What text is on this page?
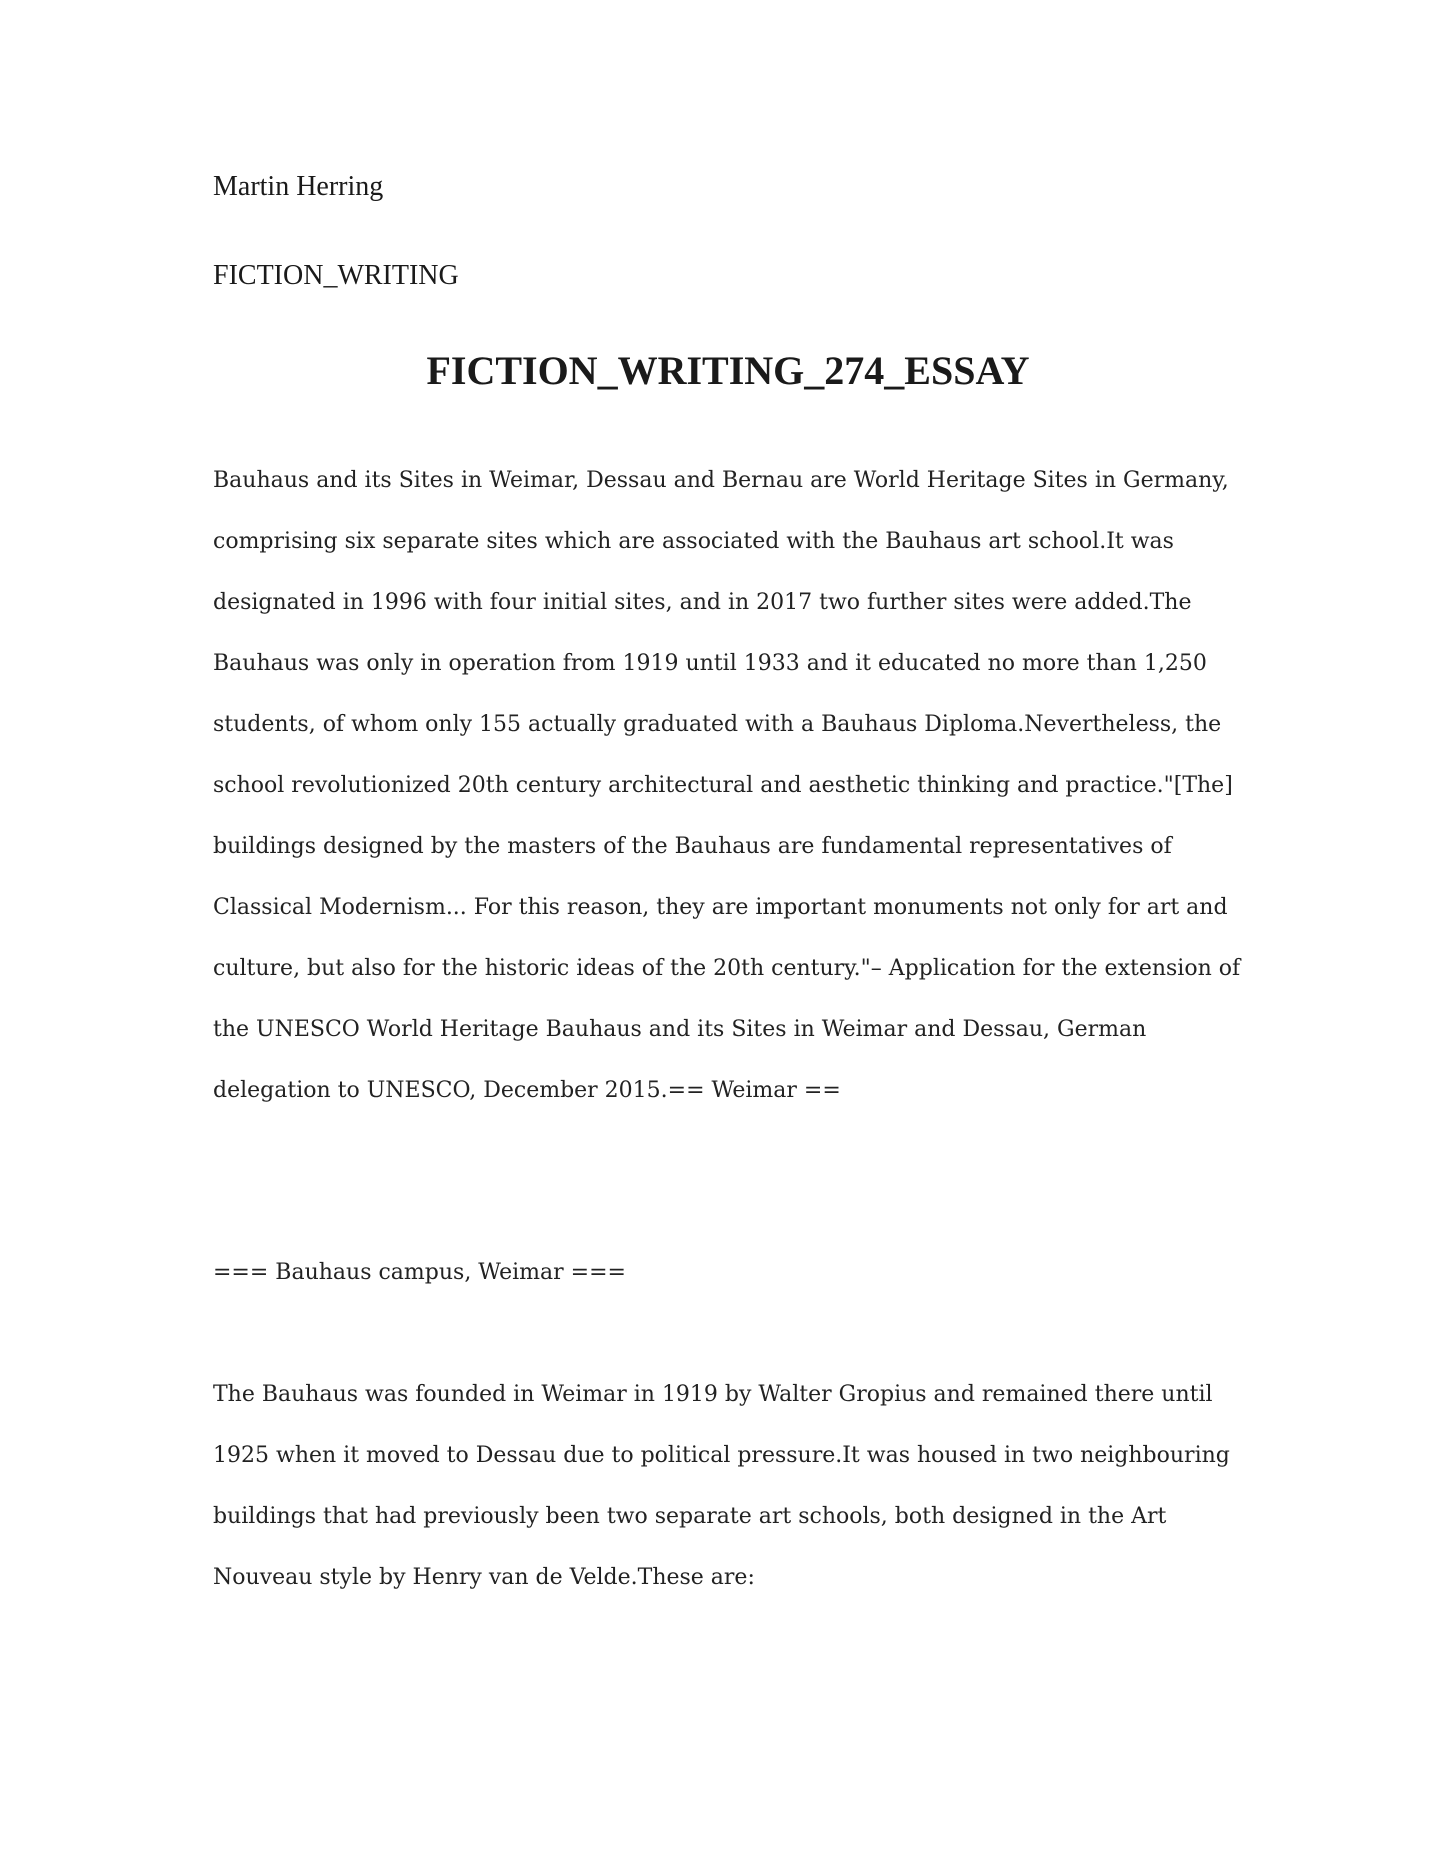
Martin Herring
FICTION_WRITING
FICTION_WRITING_274_ESSAY
Bauhaus and its Sites in Weimar, Dessau and Bernau are World Heritage Sites in Germany,
comprising six separate sites which are associated with the Bauhaus art school.It was
designated in 1996 with four initial sites, and in 2017 two further sites were added.The
Bauhaus was only in operation from 1919 until 1933 and it educated no more than 1,250
students, of whom only 155 actually graduated with a Bauhaus Diploma.Nevertheless, the
school revolutionized 20th century architectural and aesthetic thinking and practice."[The]
buildings designed by the masters of the Bauhaus are fundamental representatives of
Classical Modernism... For this reason, they are important monuments not only for art and
culture, but also for the historic ideas of the 20th century."– Application for the extension of
the UNESCO World Heritage Bauhaus and its Sites in Weimar and Dessau, German
delegation to UNESCO, December 2015.== Weimar ==
=== Bauhaus campus, Weimar ===
The Bauhaus was founded in Weimar in 1919 by Walter Gropius and remained there until
1925 when it moved to Dessau due to political pressure.It was housed in two neighbouring
buildings that had previously been two separate art schools, both designed in the Art
Nouveau style by Henry van de Velde.These are:
